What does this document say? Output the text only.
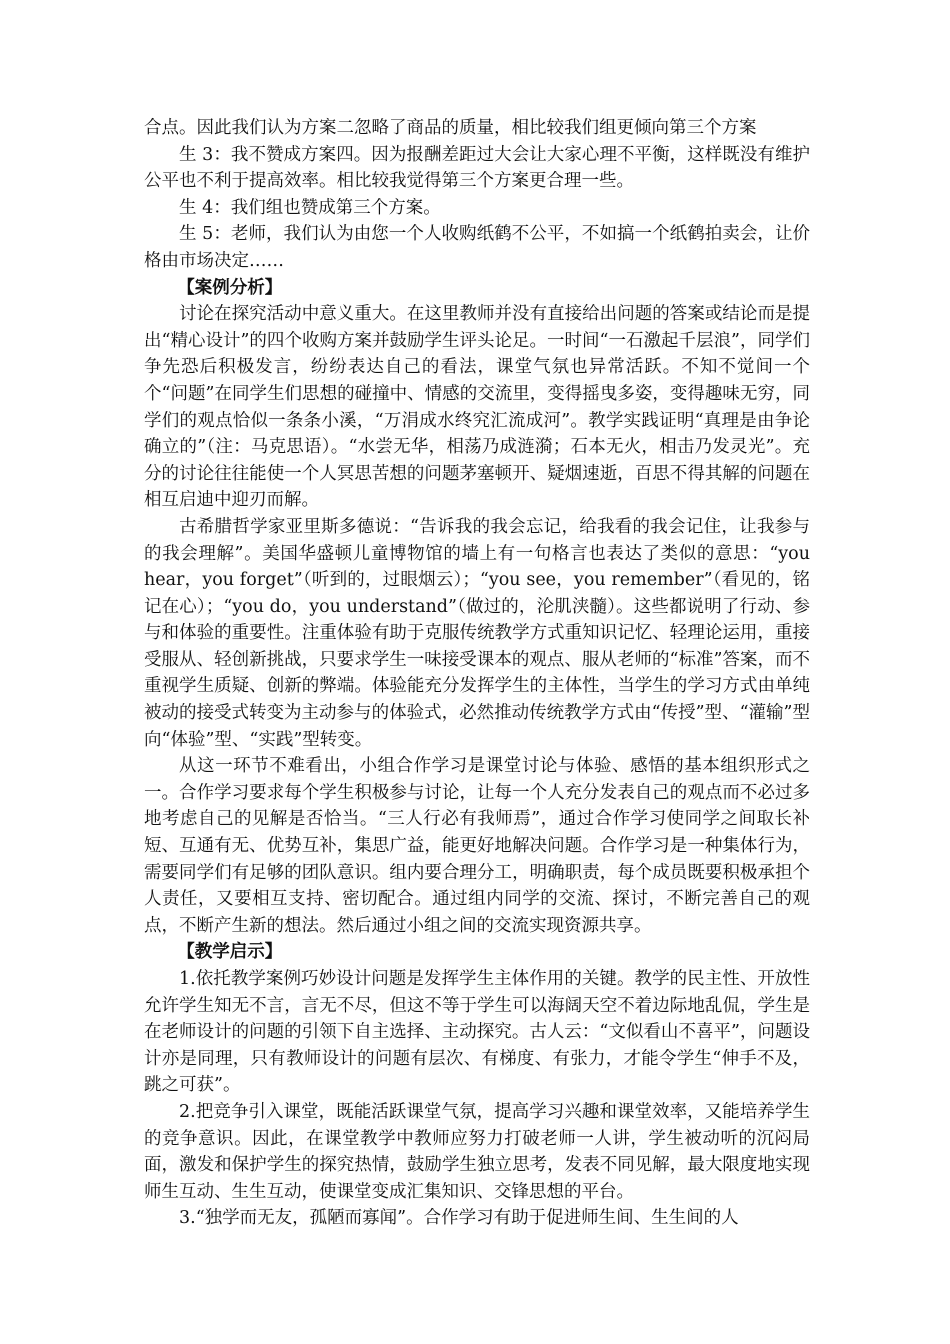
合点。因此我们认为方案二忽略了商品的质量，相比较我们组更倾向第三个方案

生 3：我不赞成方案四。因为报酬差距过大会让大家心理不平衡，这样既没有维护公平也不利于提高效率。相比较我觉得第三个方案更合理一些。

生 4：我们组也赞成第三个方案。

生 5：老师，我们认为由您一个人收购纸鹤不公平，不如搞一个纸鹤拍卖会，让价格由市场决定……

【案例分析】

讨论在探究活动中意义重大。在这里教师并没有直接给出问题的答案或结论而是提出“精心设计”的四个收购方案并鼓励学生评头论足。一时间“一石激起千层浪”，同学们争先恐后积极发言，纷纷表达自己的看法，课堂气氛也异常活跃。不知不觉间一个个“问题”在同学生们思想的碰撞中、情感的交流里，变得摇曳多姿，变得趣味无穷，同学们的观点恰似一条条小溪，“万涓成水终究汇流成河”。教学实践证明“真理是由争论确立的”（注：马克思语）。“水尝无华，相荡乃成涟漪；石本无火，相击乃发灵光”。充分的讨论往往能使一个人冥思苦想的问题茅塞顿开、疑烟速逝，百思不得其解的问题在相互启迪中迎刃而解。

古希腊哲学家亚里斯多德说：“告诉我的我会忘记，给我看的我会记住，让我参与的我会理解”。美国华盛顿儿童博物馆的墙上有一句格言也表达了类似的意思：“you hear，you forget”（听到的，过眼烟云）；“you see，you remember”（看见的，铭记在心）；“you do，you understand”（做过的，沦肌浃髓）。这些都说明了行动、参与和体验的重要性。注重体验有助于克服传统教学方式重知识记忆、轻理论运用，重接受服从、轻创新挑战，只要求学生一味接受课本的观点、服从老师的“标准”答案，而不重视学生质疑、创新的弊端。体验能充分发挥学生的主体性，当学生的学习方式由单纯被动的接受式转变为主动参与的体验式，必然推动传统教学方式由“传授”型、“灌输”型向“体验”型、“实践”型转变。

从这一环节不难看出，小组合作学习是课堂讨论与体验、感悟的基本组织形式之一。合作学习要求每个学生积极参与讨论，让每一个人充分发表自己的观点而不必过多地考虑自己的见解是否恰当。“三人行必有我师焉”，通过合作学习使同学之间取长补短、互通有无、优势互补，集思广益，能更好地解决问题。合作学习是一种集体行为，需要同学们有足够的团队意识。组内要合理分工，明确职责，每个成员既要积极承担个人责任，又要相互支持、密切配合。通过组内同学的交流、探讨，不断完善自己的观点，不断产生新的想法。然后通过小组之间的交流实现资源共享。

【教学启示】

1.依托教学案例巧妙设计问题是发挥学生主体作用的关键。教学的民主性、开放性允许学生知无不言，言无不尽，但这不等于学生可以海阔天空不着边际地乱侃，学生是在老师设计的问题的引领下自主选择、主动探究。古人云：“文似看山不喜平”，问题设计亦是同理，只有教师设计的问题有层次、有梯度、有张力，才能令学生“伸手不及，跳之可获”。

2.把竞争引入课堂，既能活跃课堂气氛，提高学习兴趣和课堂效率，又能培养学生的竞争意识。因此，在课堂教学中教师应努力打破老师一人讲，学生被动听的沉闷局面，激发和保护学生的探究热情，鼓励学生独立思考，发表不同见解，最大限度地实现师生互动、生生互动，使课堂变成汇集知识、交锋思想的平台。

3.“独学而无友，孤陋而寡闻”。合作学习有助于促进师生间、生生间的人
